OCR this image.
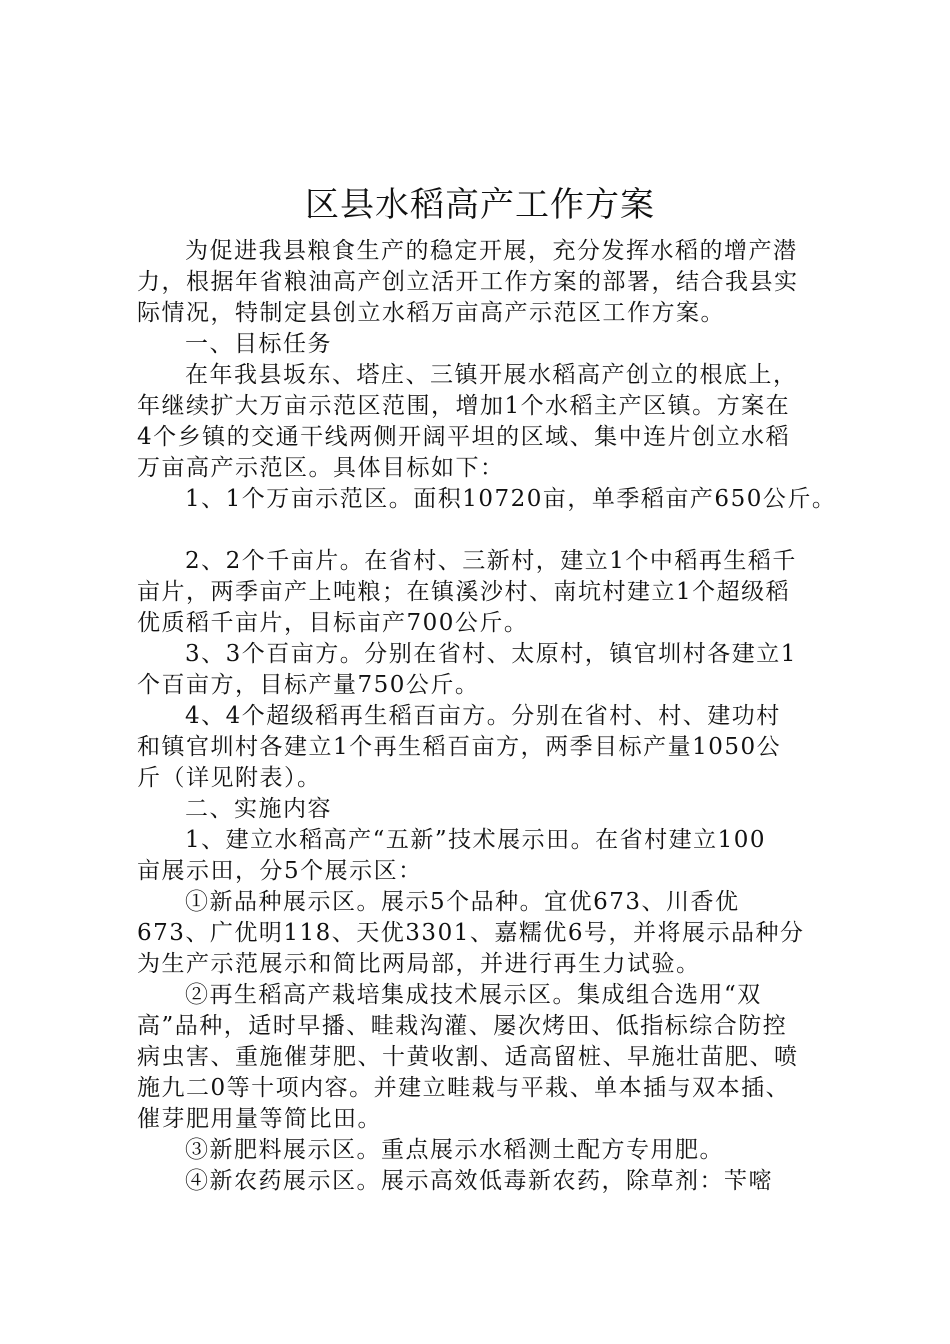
区县水稻高产工作方案

为促进我县粮食生产的稳定开展，充分发挥水稻的增产潜

力，根据年省粮油高产创立活开工作方案的部署，结合我县实

际情况，特制定县创立水稻万亩高产示范区工作方案。

一、目标任务

在年我县坂东、塔庄、三镇开展水稻高产创立的根底上，

年继续扩大万亩示范区范围，增加1个水稻主产区镇。方案在

4个乡镇的交通干线两侧开阔平坦的区域、集中连片创立水稻

万亩高产示范区。具体目标如下：

1、1个万亩示范区。面积10720亩，单季稻亩产650公斤。

2、2个千亩片。在省村、三新村，建立1个中稻再生稻千

亩片，两季亩产上吨粮；在镇溪沙村、南坑村建立1个超级稻

优质稻千亩片，目标亩产700公斤。

3、3个百亩方。分别在省村、太原村，镇官圳村各建立1

个百亩方，目标产量750公斤。

4、4个超级稻再生稻百亩方。分别在省村、村、建功村

和镇官圳村各建立1个再生稻百亩方，两季目标产量1050公

斤（详见附表）。

二、实施内容

1、建立水稻高产“五新”技术展示田。在省村建立100

亩展示田，分5个展示区：

①新品种展示区。展示5个品种。宜优673、川香优

673、广优明118、天优3301、嘉糯优6号，并将展示品种分

为生产示范展示和简比两局部，并进行再生力试验。

②再生稻高产栽培集成技术展示区。集成组合选用“双

高”品种，适时早播、畦栽沟灌、屡次烤田、低指标综合防控

病虫害、重施催芽肥、十黄收割、适高留桩、早施壮苗肥、喷

施九二0等十项内容。并建立畦栽与平栽、单本插与双本插、

催芽肥用量等简比田。

③新肥料展示区。重点展示水稻测土配方专用肥。

④新农药展示区。展示高效低毒新农药，除草剂：苄嘧
